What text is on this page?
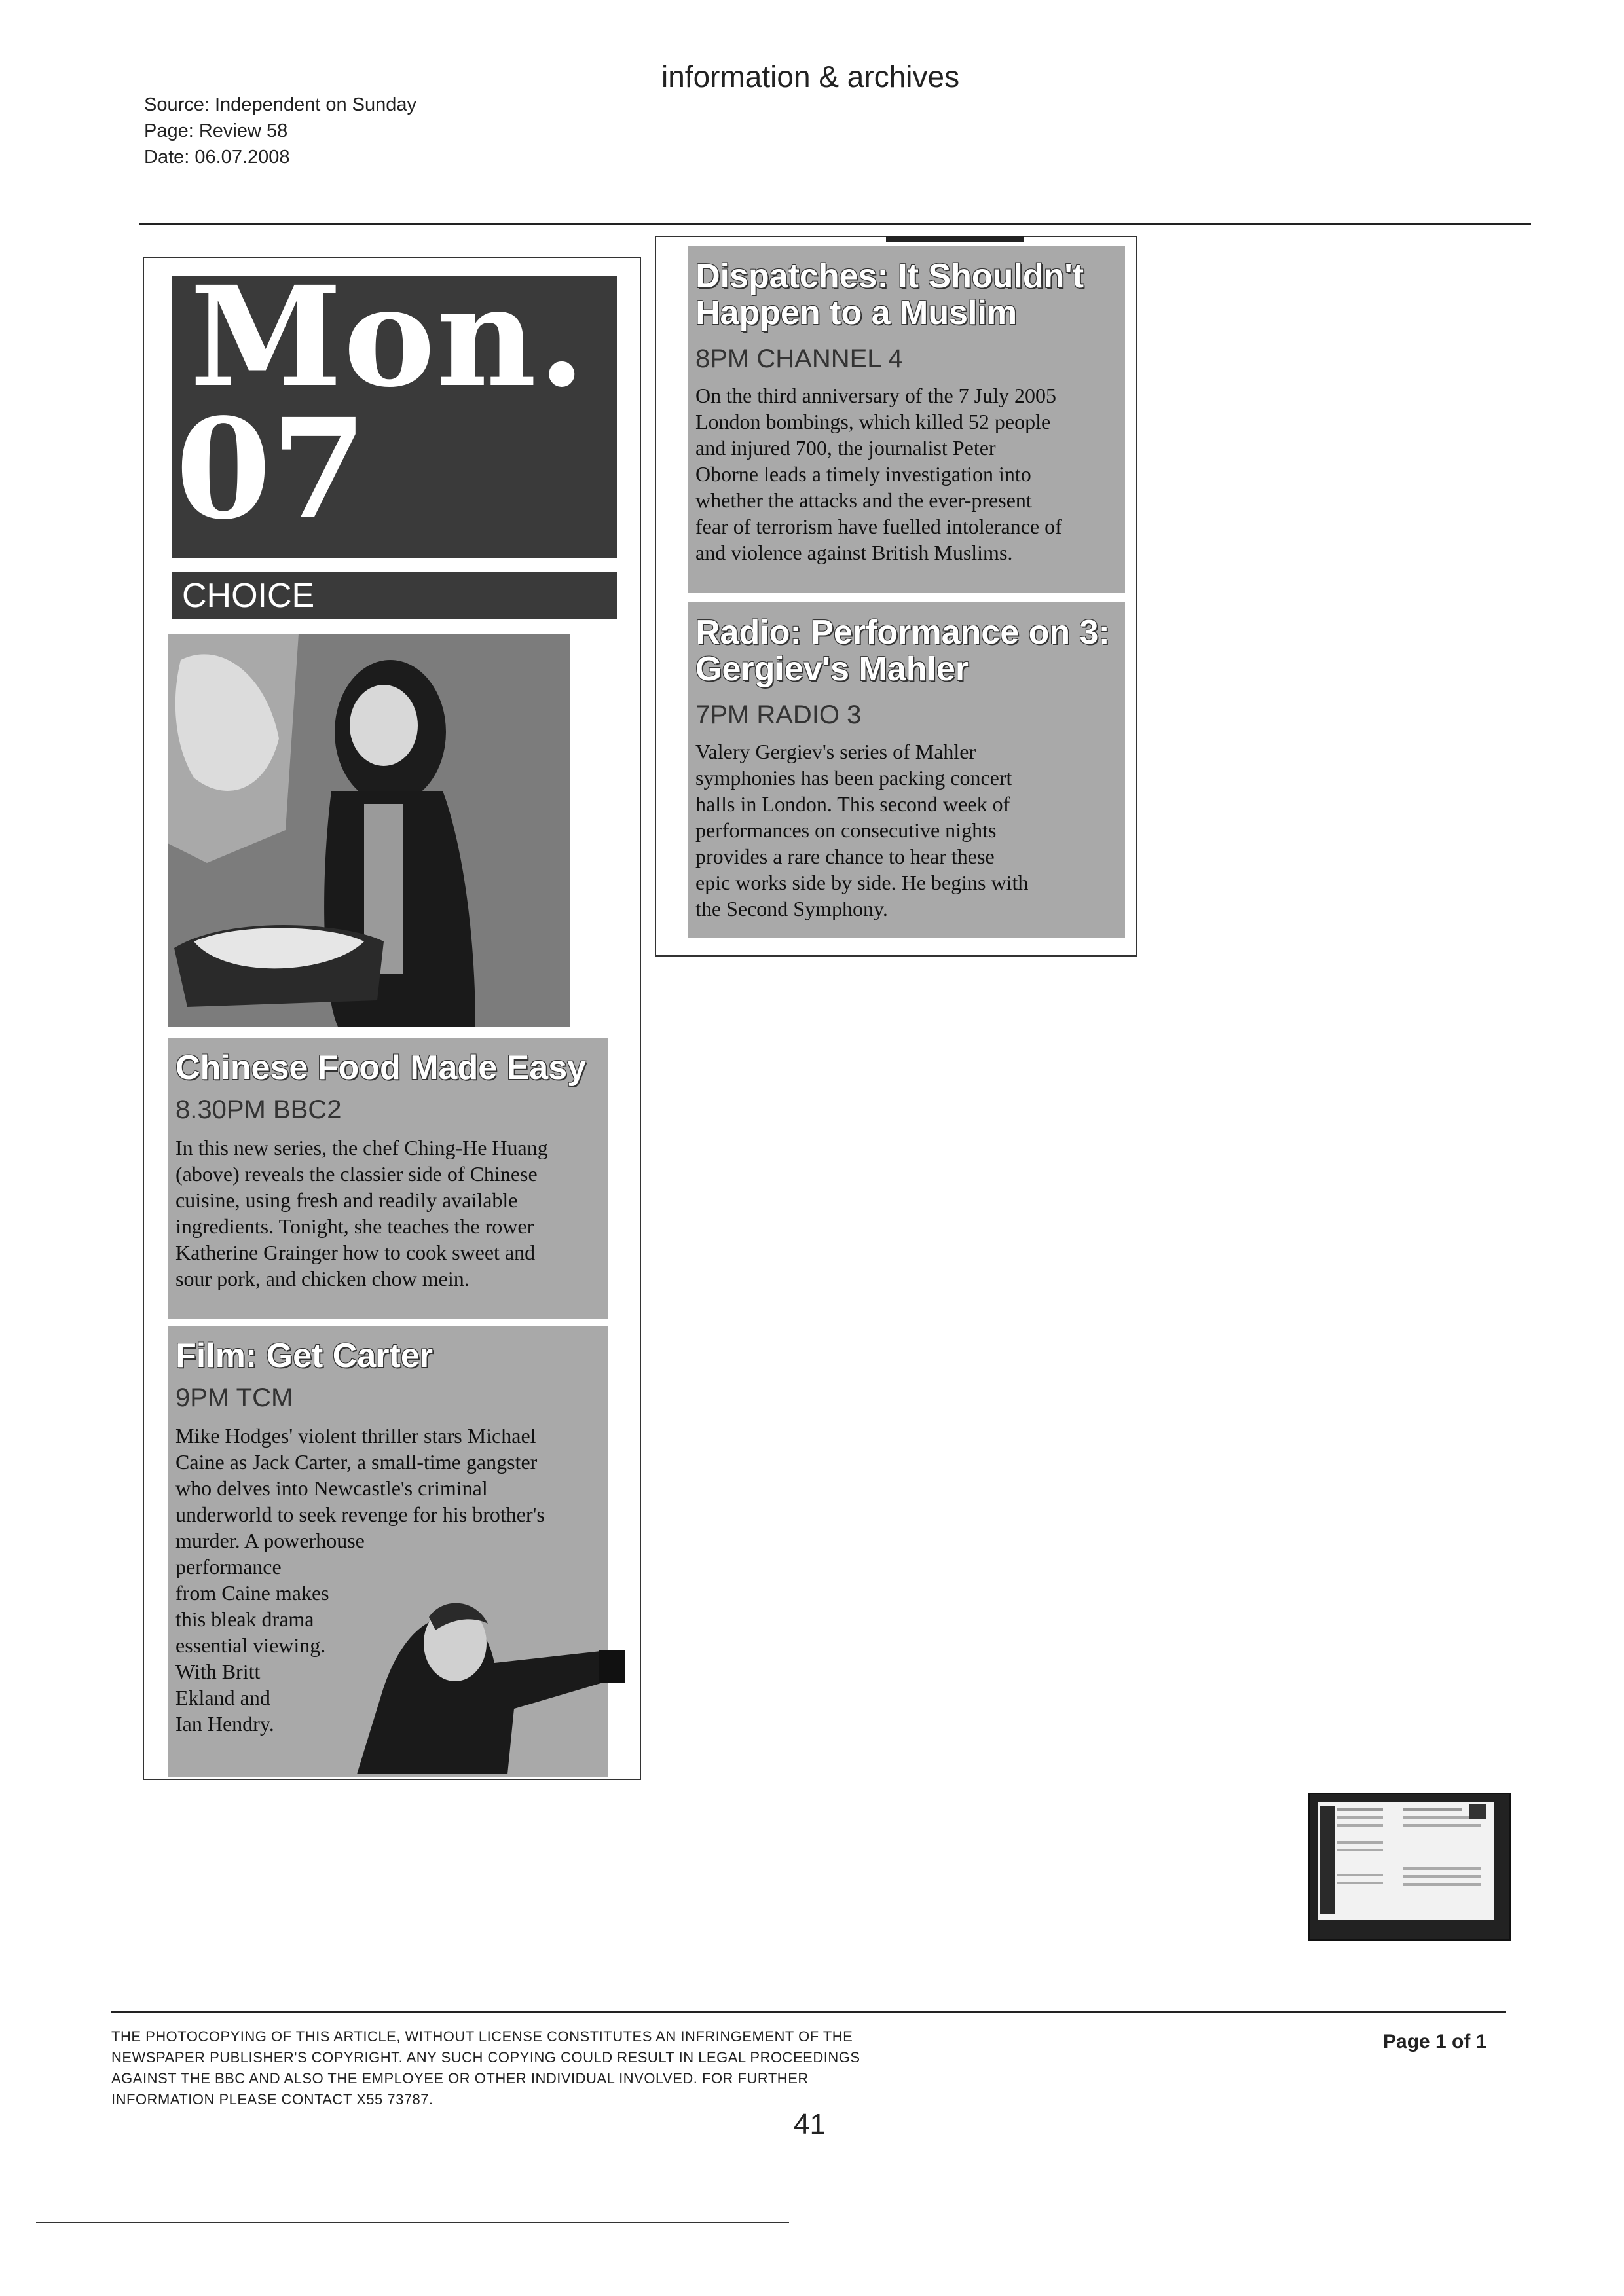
Source: Independent on Sunday
Page: Review 58
Date: 06.07.2008
information & archives
Mon.
07
CHOICE
Chinese Food Made Easy
8.30PM BBC2
In this new series, the chef Ching-He Huang
(above) reveals the classier side of Chinese
cuisine, using fresh and readily available
ingredients. Tonight, she teaches the rower
Katherine Grainger how to cook sweet and
sour pork, and chicken chow mein.
Film: Get Carter
9PM TCM
Mike Hodges' violent thriller stars Michael
Caine as Jack Carter, a small-time gangster
who delves into Newcastle's criminal
underworld to seek revenge for his brother's
murder. A powerhouse
performance
from Caine makes
this bleak drama
essential viewing.
With Britt
Ekland and
Ian Hendry.
Dispatches: It Shouldn't
Happen to a Muslim
8PM CHANNEL 4
On the third anniversary of the 7 July 2005
London bombings, which killed 52 people
and injured 700, the journalist Peter
Oborne leads a timely investigation into
whether the attacks and the ever-present
fear of terrorism have fuelled intolerance of
and violence against British Muslims.
Radio: Performance on 3:
Gergiev's Mahler
7PM RADIO 3
Valery Gergiev's series of Mahler
symphonies has been packing concert
halls in London. This second week of
performances on consecutive nights
provides a rare chance to hear these
epic works side by side. He begins with
the Second Symphony.
THE PHOTOCOPYING OF THIS ARTICLE, WITHOUT LICENSE CONSTITUTES AN INFRINGEMENT OF THE
NEWSPAPER PUBLISHER'S COPYRIGHT. ANY SUCH COPYING COULD RESULT IN LEGAL PROCEEDINGS
AGAINST THE BBC AND ALSO THE EMPLOYEE OR OTHER INDIVIDUAL INVOLVED. FOR FURTHER
INFORMATION PLEASE CONTACT X55 73787.
Page 1 of 1
41
